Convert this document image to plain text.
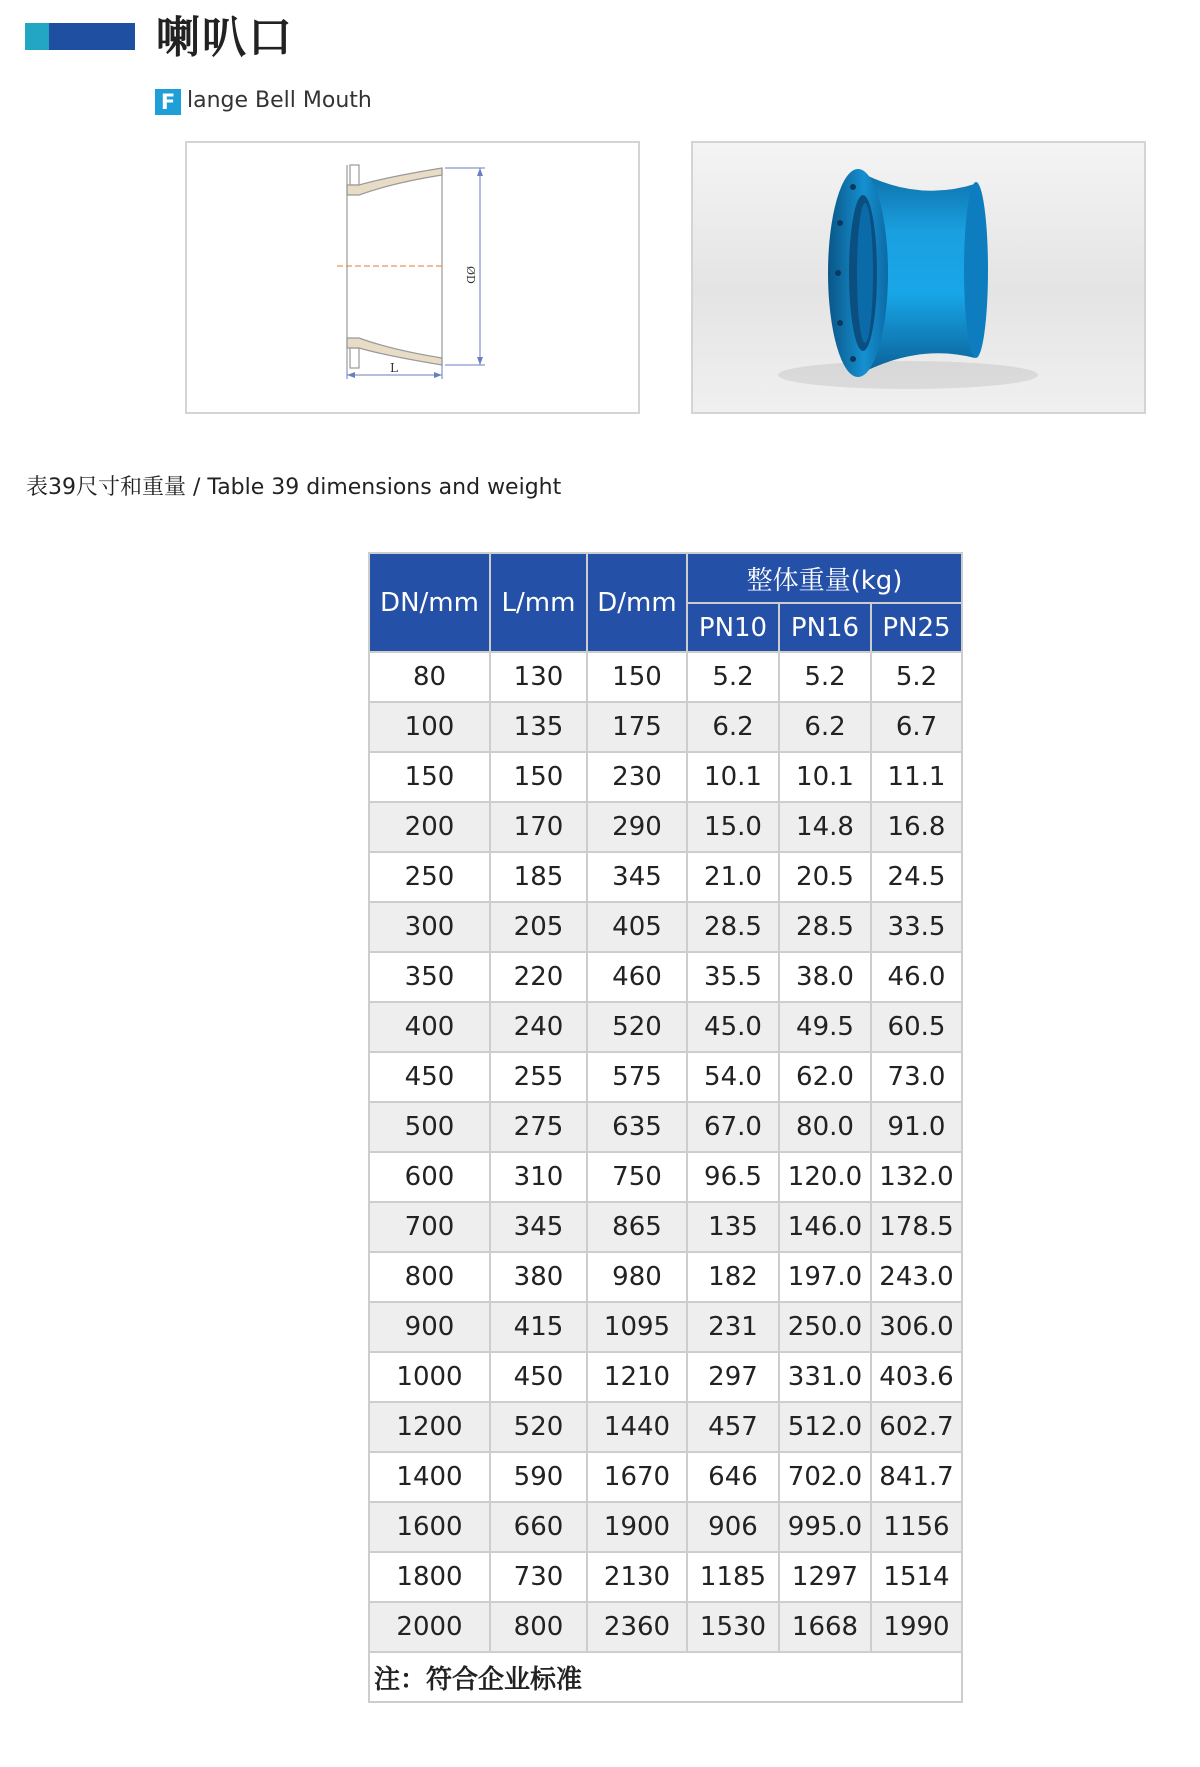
喇叭口
F lange Bell Mouth
ØD
L
表39尺寸和重量 / Table 39 dimensions and weight
DN/mm	L/mm	D/mm	整体重量(kg)		
			PN10	PN16	PN25
80	130	150	5.2	5.2	5.2
100	135	175	6.2	6.2	6.7
150	150	230	10.1	10.1	11.1
200	170	290	15.0	14.8	16.8
250	185	345	21.0	20.5	24.5
300	205	405	28.5	28.5	33.5
350	220	460	35.5	38.0	46.0
400	240	520	45.0	49.5	60.5
450	255	575	54.0	62.0	73.0
500	275	635	67.0	80.0	91.0
600	310	750	96.5	120.0	132.0
700	345	865	135	146.0	178.5
800	380	980	182	197.0	243.0
900	415	1095	231	250.0	306.0
1000	450	1210	297	331.0	403.6
1200	520	1440	457	512.0	602.7
1400	590	1670	646	702.0	841.7
1600	660	1900	906	995.0	1156
1800	730	2130	1185	1297	1514
2000	800	2360	1530	1668	1990
注：符合企业标准					
